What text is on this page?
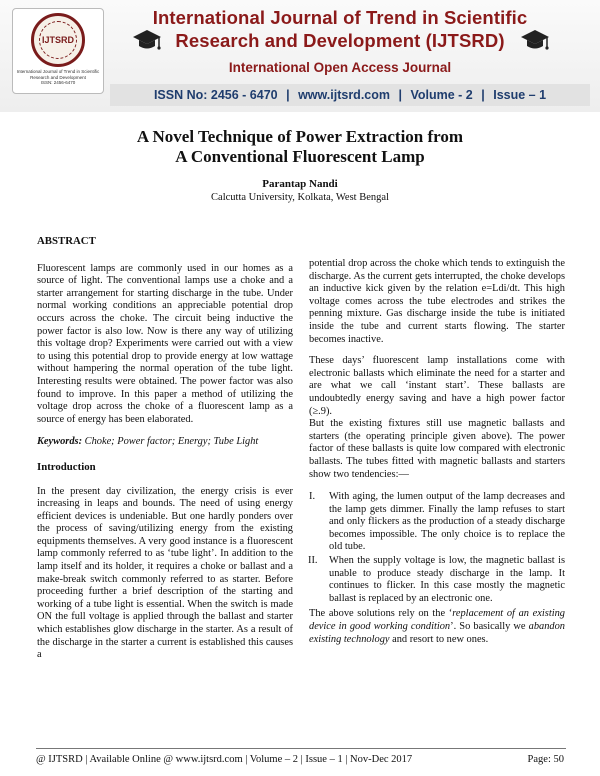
IJTSRD
International Journal of Trend in Scientific Research and Development
ISSN: 2456-6470
International Journal of Trend in Scientific
Research and Development (IJTSRD)
International Open Access Journal
ISSN No: 2456 - 6470 | www.ijtsrd.com | Volume - 2 | Issue – 1
A Novel Technique of Power Extraction from
A Conventional Fluorescent Lamp
Parantap Nandi
Calcutta University, Kolkata, West Bengal

ABSTRACT

Fluorescent lamps are commonly used in our homes as a source of light. The conventional lamps use a choke and a starter arrangement for starting discharge in the tube. Under normal working conditions an appreciable potential drop occurs across the choke. The circuit being inductive the power factor is also low. Now is there any way of utilizing this voltage drop? Experiments were carried out with a view to using this potential drop to provide energy at low wattage without hampering the normal operation of the tube light. Interesting results were obtained. The power factor was also found to improve. In this paper a method of utilizing the voltage drop across the choke of a fluorescent lamp as a source of energy has been elaborated.

Keywords: Choke; Power factor; Energy; Tube Light

Introduction

In the present day civilization, the energy crisis is ever increasing in leaps and bounds. The need of using energy efficient devices is undeniable. But one hardly ponders over the process of saving/utilizing energy from the existing equipments themselves. A very good instance is a fluorescent lamp commonly referred to as ‘tube light’. In addition to the lamp itself and its holder, it requires a choke or ballast and a make-break switch commonly referred to as starter. Before proceeding further a brief description of the starting and working of a tube light is essential. When the switch is made ON the full voltage is applied through the ballast and starter which establishes glow discharge in the starter. As a result of the discharge in the starter a current is established this causes a

potential drop across the choke which tends to extinguish the discharge. As the current gets interrupted, the choke develops an inductive kick given by the relation e=Ldi/dt. This high voltage comes across the tube electrodes and strikes the penning mixture. Gas discharge inside the tube is initiated inside the tube and current starts flowing. The starter becomes inactive.

These days’ fluorescent lamp installations come with electronic ballasts which eliminate the need for a starter and are what we call ‘instant start’. These ballasts are undoubtedly energy saving and have a high power factor (≥.9).

But the existing fixtures still use magnetic ballasts and starters (the operating principle given above). The power factor of these ballasts is quite low compared with electronic ballasts. The tubes fitted with magnetic ballasts and starters show two tendencies:—

I.	With aging, the lumen output of the lamp decreases and the lamp gets dimmer. Finally the lamp refuses to start and only flickers as the production of a steady discharge becomes impossible. The only choice is to replace the old tube.
II.	When the supply voltage is low, the magnetic ballast is unable to produce steady discharge in the lamp. It continues to flicker. In this case mostly the magnetic ballast is replaced by an electronic one.

The above solutions rely on the ‘replacement of an existing device in good working condition’. So basically we abandon existing technology and resort to new ones.

@ IJTSRD | Available Online @ www.ijtsrd.com | Volume – 2 | Issue – 1 | Nov-Dec 2017	Page: 50
